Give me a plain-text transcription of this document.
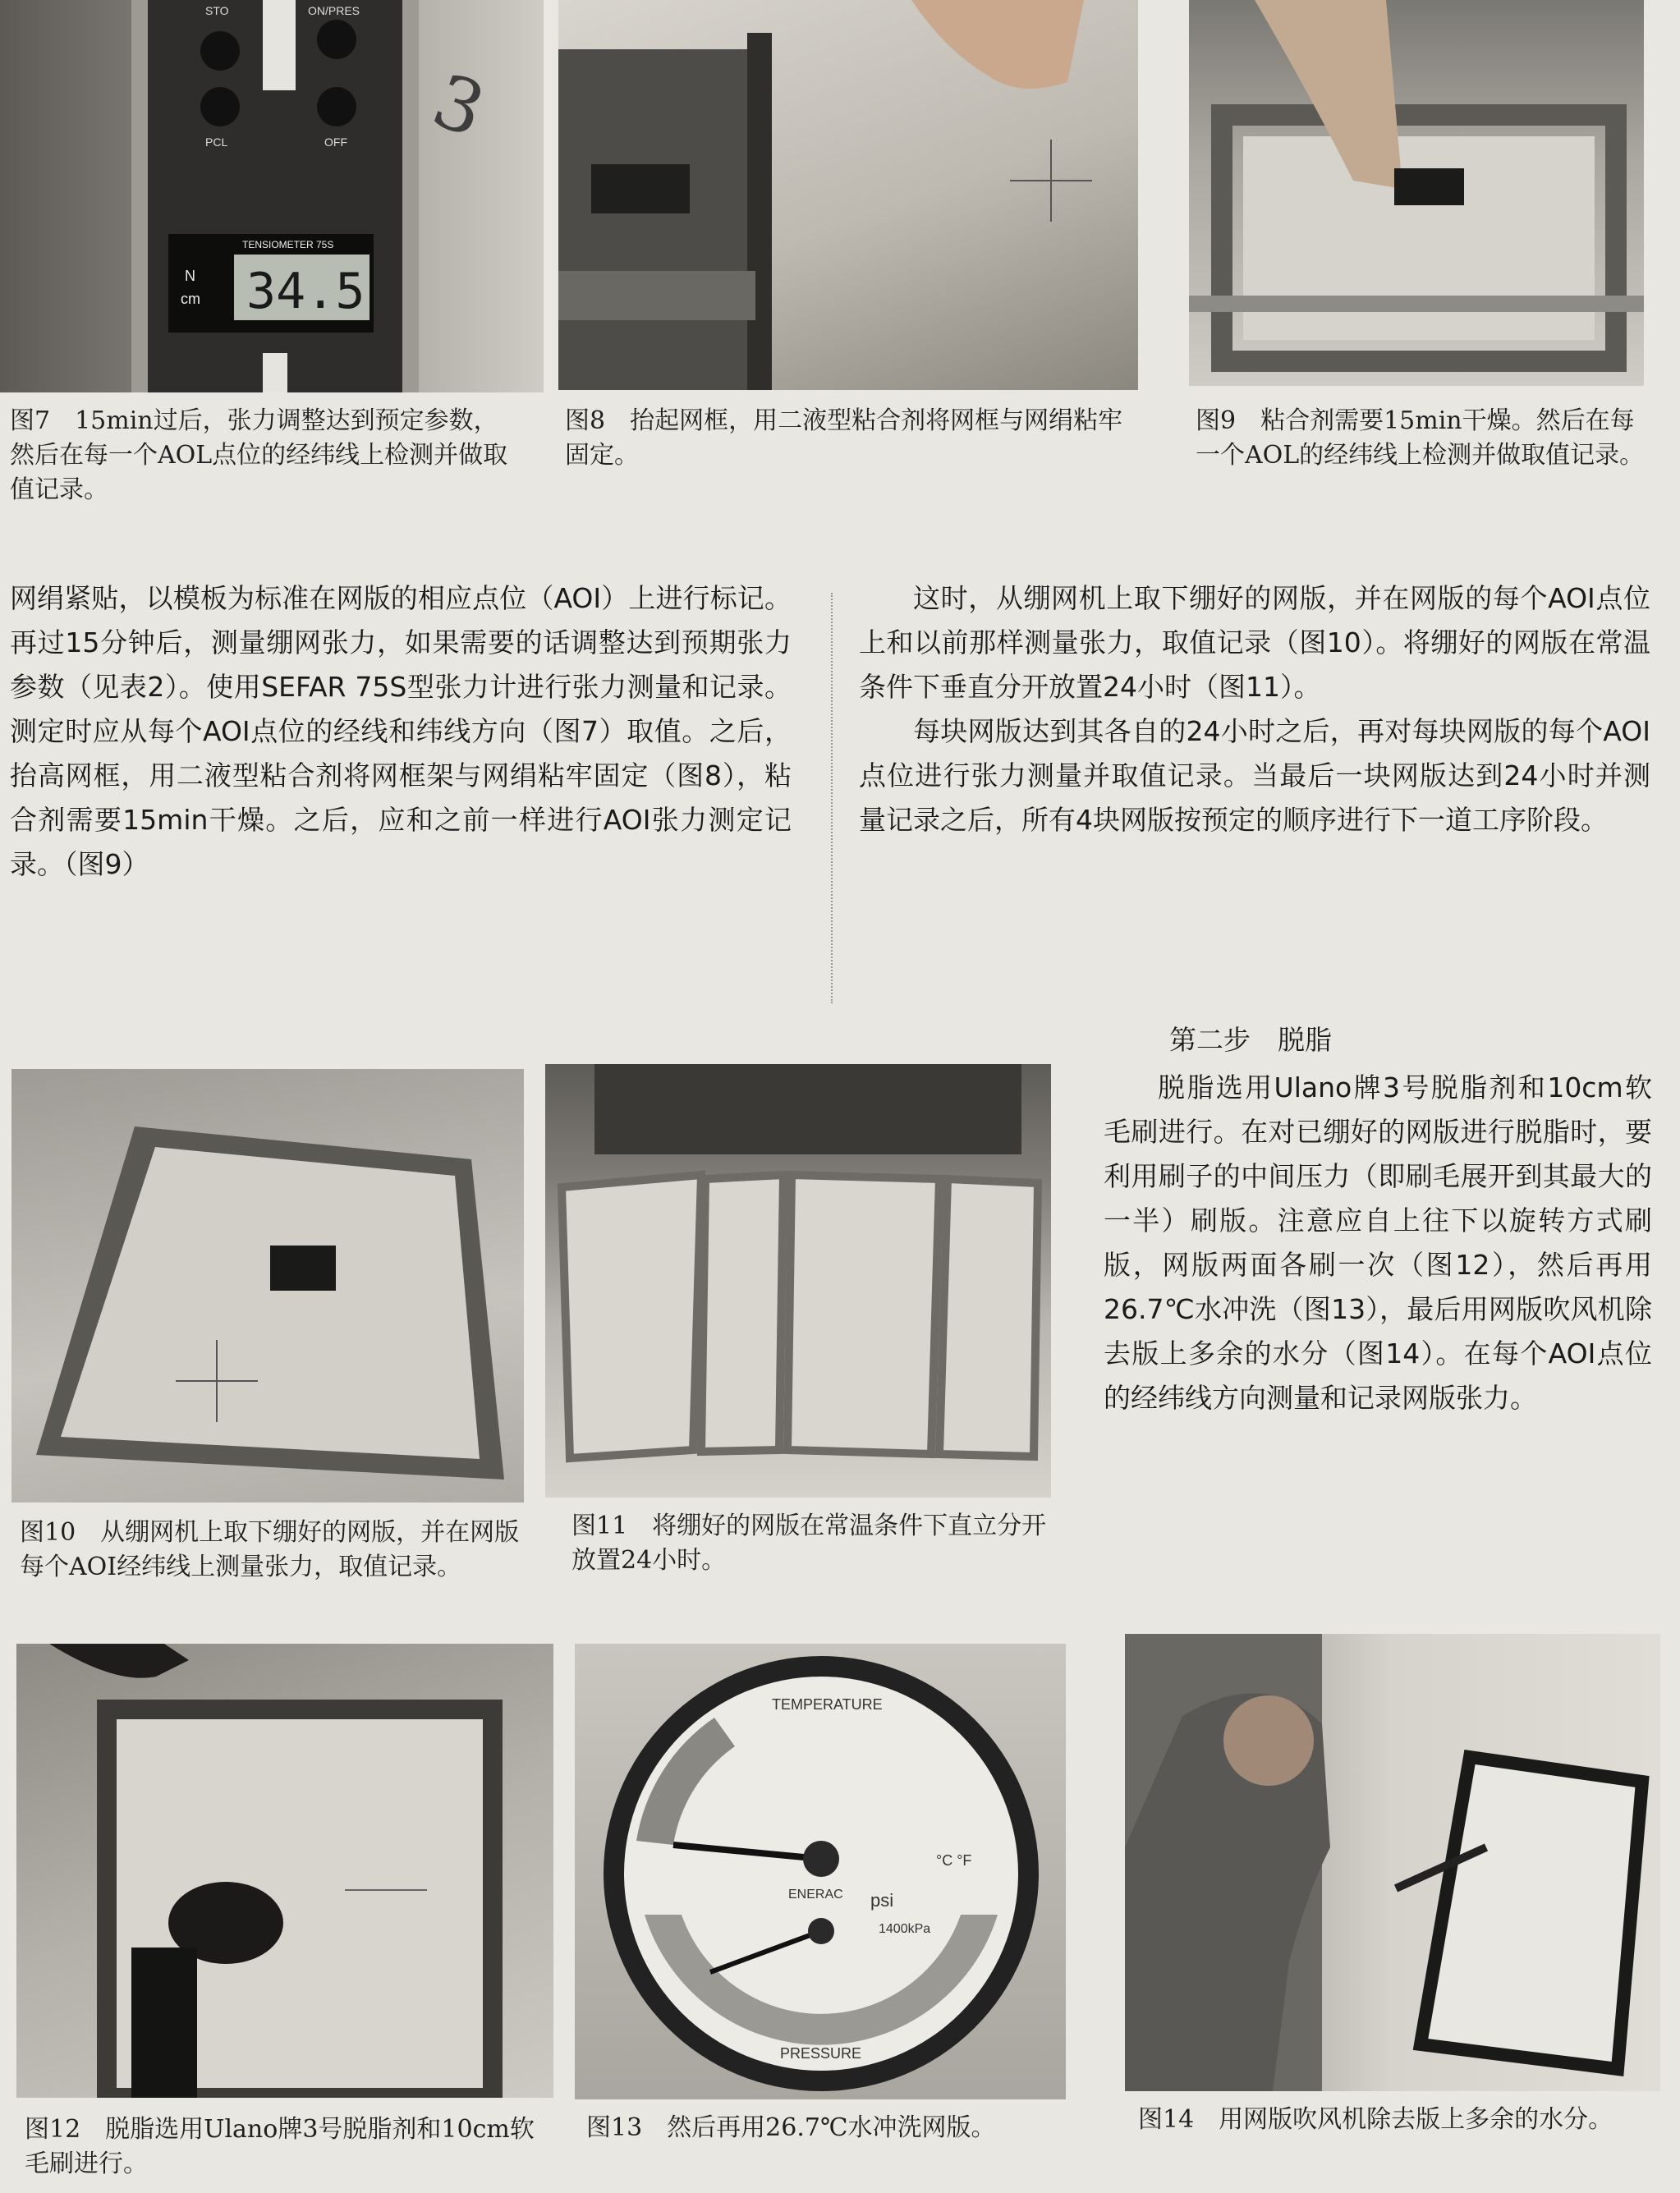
STO	ON/PRES
PCL	OFF
TENSIOMETER 75S
N
cm 34.5
3

图7　15min过后，张力调整达到预定参数，然后在每一个AOL点位的经纬线上检测并做取值记录。

图8　抬起网框，用二液型粘合剂将网框与网绢粘牢固定。

图9　粘合剂需要15min干燥。然后在每一个AOL的经纬线上检测并做取值记录。

网绢紧贴，以模板为标准在网版的相应点位（AOI）上进行标记。再过15分钟后，测量绷网张力，如果需要的话调整达到预期张力参数（见表2）。使用SEFAR 75S型张力计进行张力测量和记录。测定时应从每个AOI点位的经线和纬线方向（图7）取值。之后，抬高网框，用二液型粘合剂将网框架与网绢粘牢固定（图8），粘合剂需要15min干燥。之后，应和之前一样进行AOI张力测定记录。（图9）

这时，从绷网机上取下绷好的网版，并在网版的每个AOI点位上和以前那样测量张力，取值记录（图10）。将绷好的网版在常温条件下垂直分开放置24小时（图11）。

每块网版达到其各自的24小时之后，再对每块网版的每个AOI点位进行张力测量并取值记录。当最后一块网版达到24小时并测量记录之后，所有4块网版按预定的顺序进行下一道工序阶段。

图10　从绷网机上取下绷好的网版，并在网版每个AOI经纬线上测量张力，取值记录。

图11　将绷好的网版在常温条件下直立分开放置24小时。

第二步　脱脂

脱脂选用Ulano牌3号脱脂剂和10cm软毛刷进行。在对已绷好的网版进行脱脂时，要利用刷子的中间压力（即刷毛展开到其最大的一半）刷版。注意应自上往下以旋转方式刷版，网版两面各刷一次（图12），然后再用26.7℃水冲洗（图13），最后用网版吹风机除去版上多余的水分（图14）。在每个AOI点位的经纬线方向测量和记录网版张力。

TEMPERATURE
ENERAC
°C °F
psi
1400kPa
PRESSURE

图12　脱脂选用Ulano牌3号脱脂剂和10cm软毛刷进行。

图13　然后再用26.7℃水冲洗网版。	图14　用网版吹风机除去版上多余的水分。
